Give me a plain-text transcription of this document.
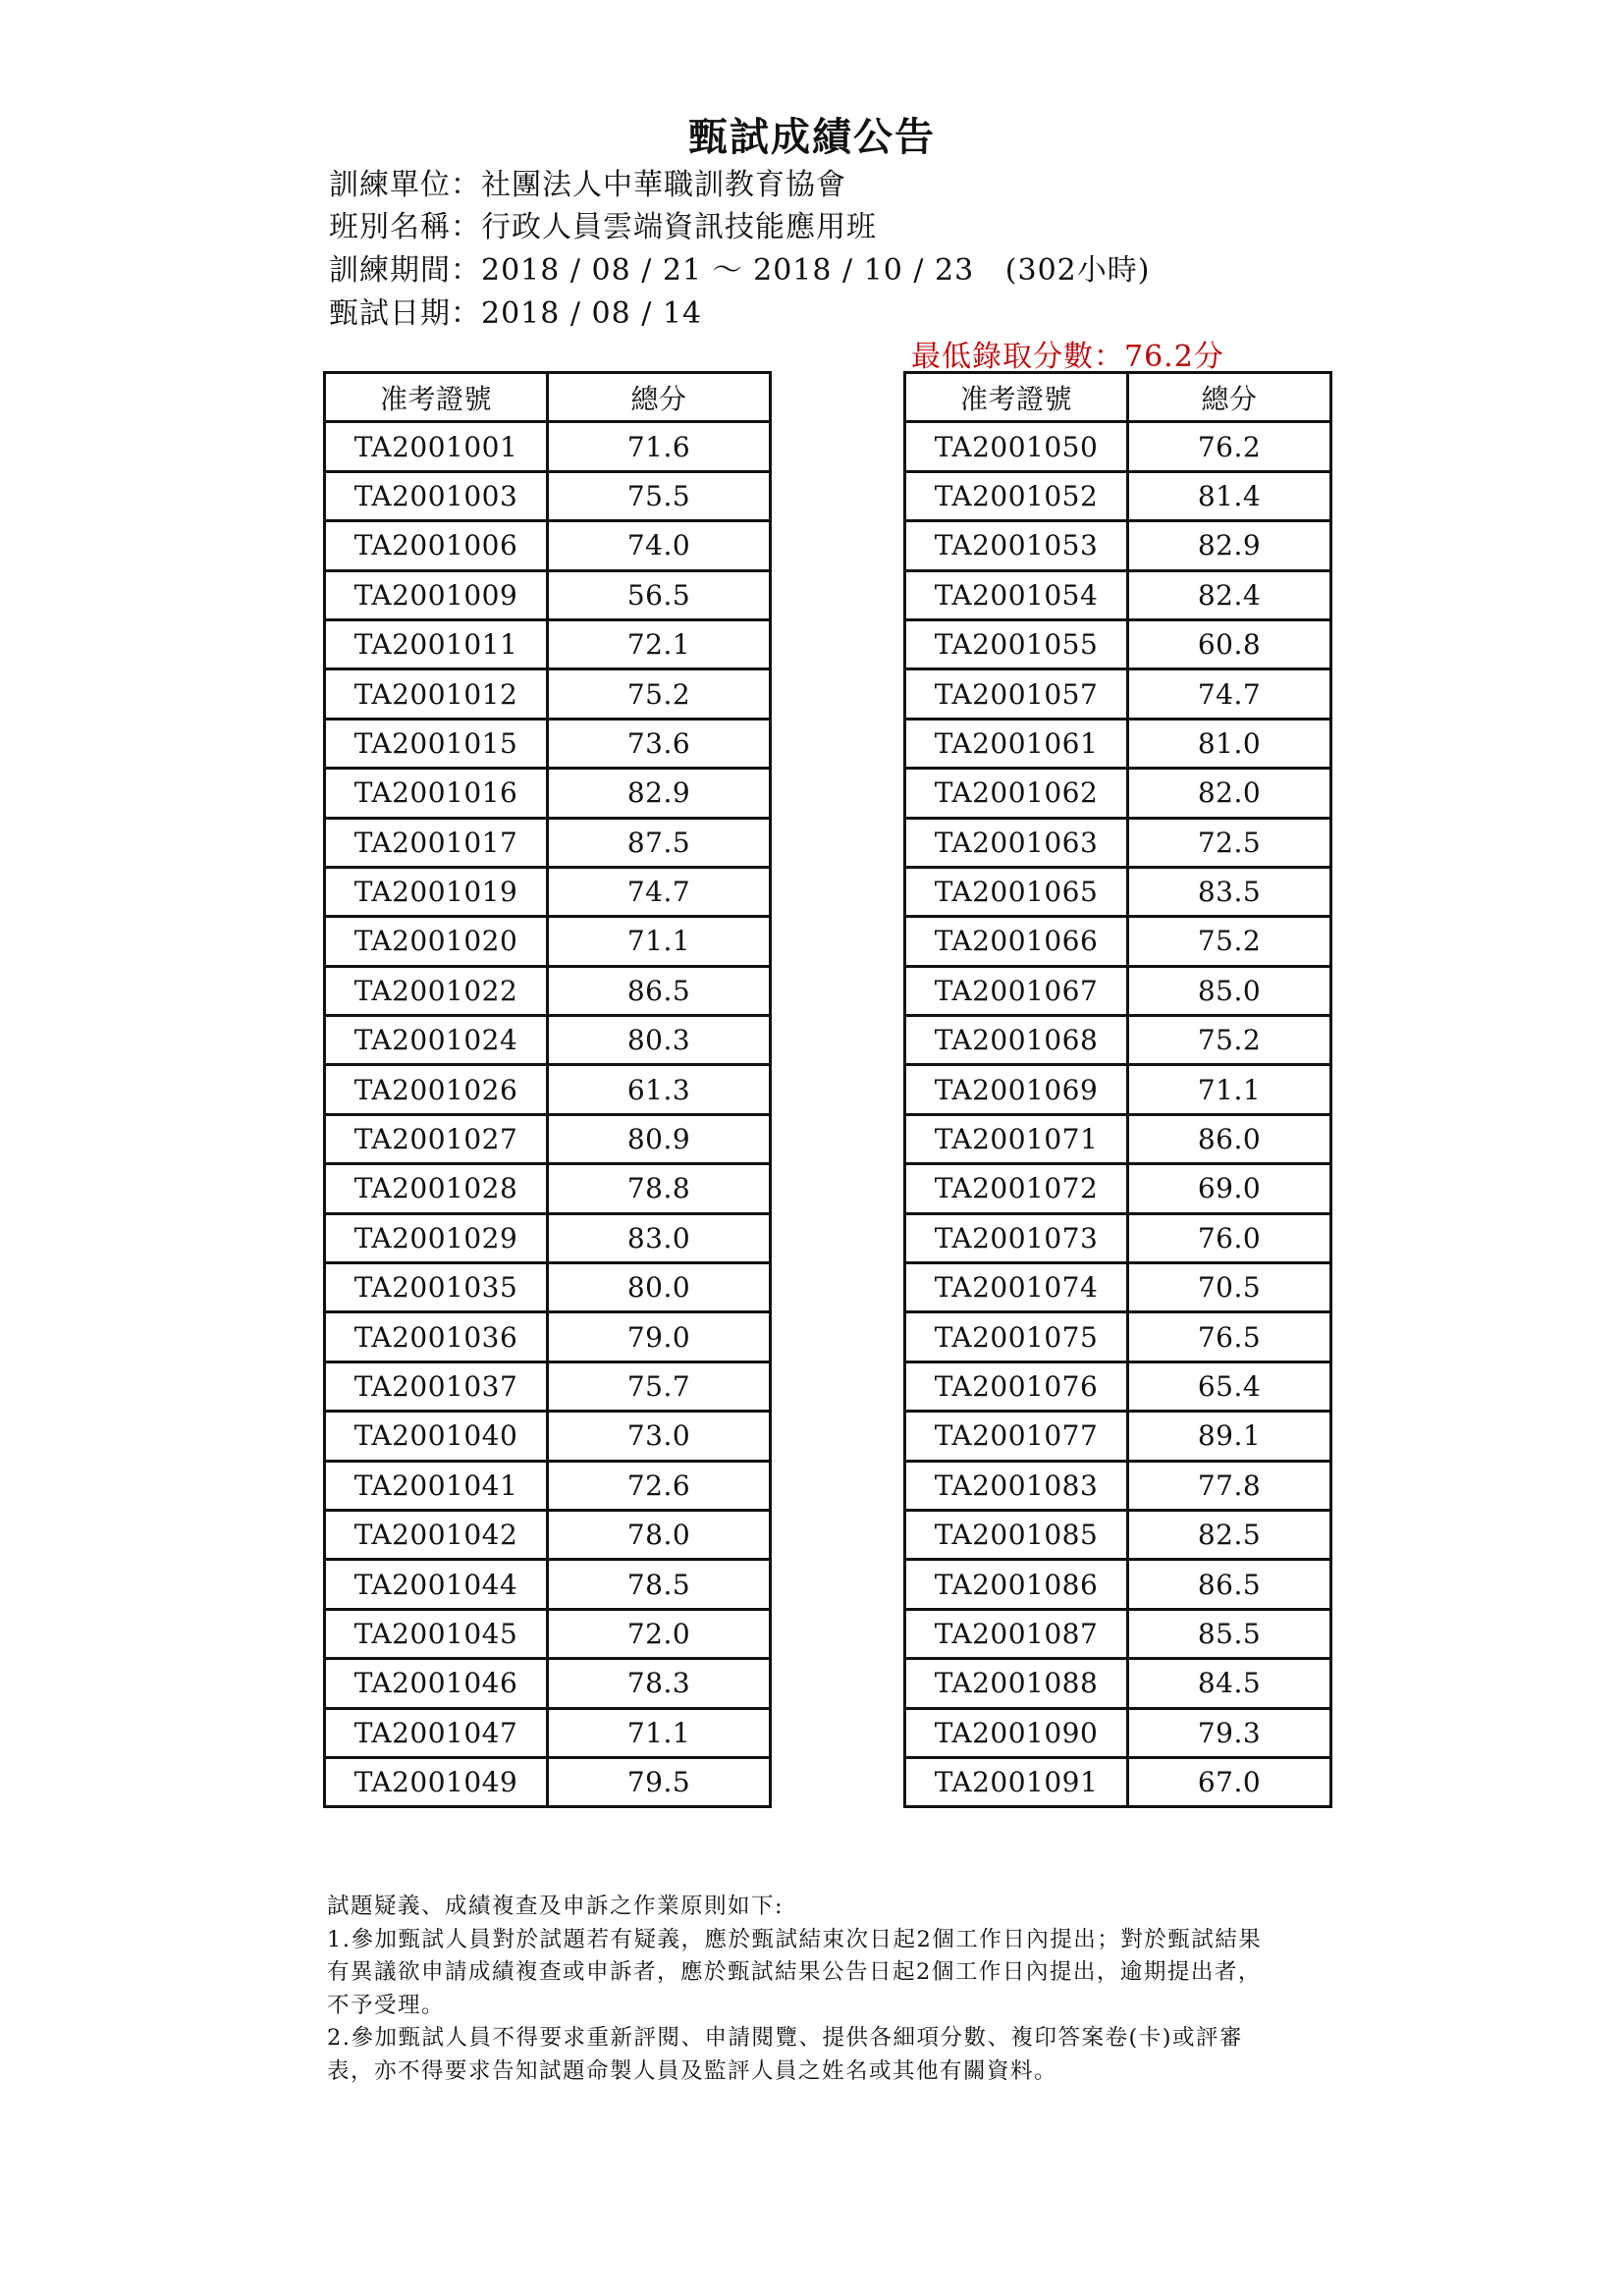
甄試成績公告
訓練單位：社團法人中華職訓教育協會
班別名稱：行政人員雲端資訊技能應用班
訓練期間：2018 / 08 / 21 ～ 2018 / 10 / 23   (302小時)
甄試日期：2018 / 08 / 14
最低錄取分數：76.2分
准考證號	總分
TA2001001	71.6
TA2001003	75.5
TA2001006	74.0
TA2001009	56.5
TA2001011	72.1
TA2001012	75.2
TA2001015	73.6
TA2001016	82.9
TA2001017	87.5
TA2001019	74.7
TA2001020	71.1
TA2001022	86.5
TA2001024	80.3
TA2001026	61.3
TA2001027	80.9
TA2001028	78.8
TA2001029	83.0
TA2001035	80.0
TA2001036	79.0
TA2001037	75.7
TA2001040	73.0
TA2001041	72.6
TA2001042	78.0
TA2001044	78.5
TA2001045	72.0
TA2001046	78.3
TA2001047	71.1
TA2001049	79.5
准考證號	總分
TA2001050	76.2
TA2001052	81.4
TA2001053	82.9
TA2001054	82.4
TA2001055	60.8
TA2001057	74.7
TA2001061	81.0
TA2001062	82.0
TA2001063	72.5
TA2001065	83.5
TA2001066	75.2
TA2001067	85.0
TA2001068	75.2
TA2001069	71.1
TA2001071	86.0
TA2001072	69.0
TA2001073	76.0
TA2001074	70.5
TA2001075	76.5
TA2001076	65.4
TA2001077	89.1
TA2001083	77.8
TA2001085	82.5
TA2001086	86.5
TA2001087	85.5
TA2001088	84.5
TA2001090	79.3
TA2001091	67.0
試題疑義、成績複查及申訴之作業原則如下:
1.參加甄試人員對於試題若有疑義，應於甄試結束次日起2個工作日內提出；對於甄試結果
有異議欲申請成績複查或申訴者，應於甄試結果公告日起2個工作日內提出，逾期提出者，
不予受理。
2.參加甄試人員不得要求重新評閱、申請閱覽、提供各細項分數、複印答案卷(卡)或評審
表，亦不得要求告知試題命製人員及監評人員之姓名或其他有關資料。
